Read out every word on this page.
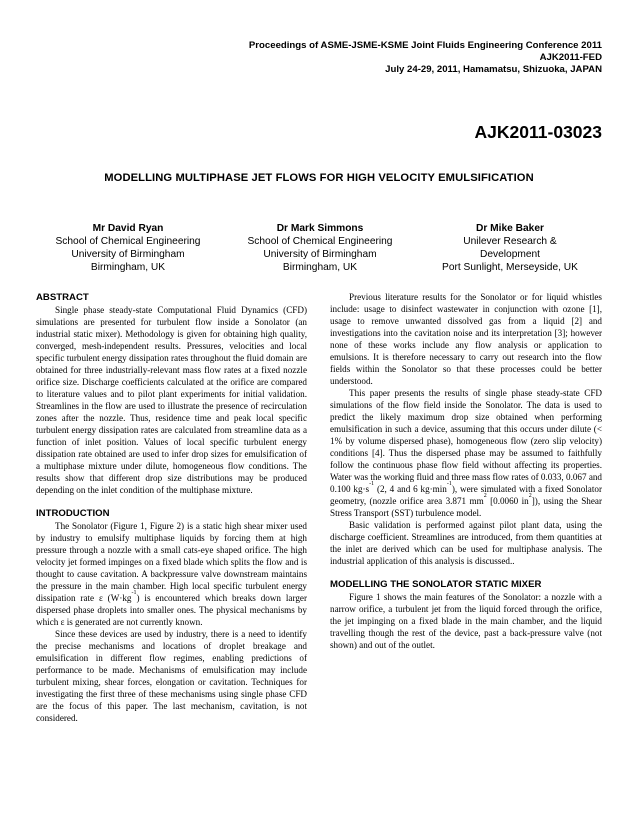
Proceedings of ASME-JSME-KSME Joint Fluids Engineering Conference 2011
AJK2011-FED
July 24-29, 2011, Hamamatsu, Shizuoka, JAPAN
AJK2011-03023
MODELLING MULTIPHASE JET FLOWS FOR HIGH VELOCITY EMULSIFICATION
Mr David Ryan
School of Chemical Engineering
University of Birmingham
Birmingham, UK
Dr Mark Simmons
School of Chemical Engineering
University of Birmingham
Birmingham, UK
Dr Mike Baker
Unilever Research &
Development
Port Sunlight, Merseyside, UK
ABSTRACT

Single phase steady-state Computational Fluid Dynamics (CFD) simulations are presented for turbulent flow inside a Sonolator (an industrial static mixer). Methodology is given for obtaining high quality, converged, mesh-independent results. Pressures, velocities and local specific turbulent energy dissipation rates throughout the fluid domain are obtained for three industrially-relevant mass flow rates at a fixed nozzle orifice size. Discharge coefficients calculated at the orifice are compared to literature values and to pilot plant experiments for initial validation. Streamlines in the flow are used to illustrate the presence of recirculation zones after the nozzle. Thus, residence time and peak local specific turbulent energy dissipation rates are calculated from streamline data as a function of inlet position. Values of local specific turbulent energy dissipation rate obtained are used to infer drop sizes for emulsification of a multiphase mixture under dilute, homogeneous flow conditions. The results show that different drop size distributions may be produced depending on the inlet condition of the multiphase mixture.

INTRODUCTION

The Sonolator (Figure 1, Figure 2) is a static high shear mixer used by industry to emulsify multiphase liquids by forcing them at high pressure through a nozzle with a small cats-eye shaped orifice. The high velocity jet formed impinges on a fixed blade which splits the flow and is thought to cause cavitation. A backpressure valve downstream maintains the pressure in the main chamber. High local specific turbulent energy dissipation rate ε $(W\cdot kg^{-1})$ is encountered which breaks down larger dispersed phase droplets into smaller ones. The physical mechanisms by which ε is generated are not currently known.

Since these devices are used by industry, there is a need to identify the precise mechanisms and locations of droplet breakage and emulsification in different flow regimes, enabling predictions of performance to be made. Mechanisms of emulsification may include turbulent mixing, shear forces, elongation or cavitation. Techniques for investigating the first three of these mechanisms using single phase CFD are the focus of this paper. The last mechanism, cavitation, is not considered.

Previous literature results for the Sonolator or for liquid whistles include: usage to disinfect wastewater in conjunction with ozone [1], usage to remove unwanted dissolved gas from a liquid [2] and investigations into the cavitation noise and its interpretation [3]; however none of these works include any flow analysis or application to emulsions. It is therefore necessary to carry out research into the flow fields within the Sonolator so that these processes could be better understood.

This paper presents the results of single phase steady-state CFD simulations of the flow field inside the Sonolator. The data is used to predict the likely maximum drop size obtained when performing emulsification in such a device, assuming that this occurs under dilute (< 1% by volume dispersed phase), homogeneous flow (zero slip velocity) conditions [4]. Thus the dispersed phase may be assumed to faithfully follow the continuous phase flow field without affecting its properties. Water was the working fluid and three mass flow rates of 0.033, 0.067 and 0.100 $kg\cdot s^{-1}$ (2, 4 and 6 $kg\cdot\min^{-1}$), were simulated with a fixed Sonolator geometry, (nozzle orifice area 3.871 $mm^2$ [0.0060 $in^2$]), using the Shear Stress Transport (SST) turbulence model.

Basic validation is performed against pilot plant data, using the discharge coefficient. Streamlines are introduced, from them quantities at the inlet are derived which can be used for multiphase analysis. The industrial application of this analysis is discussed..

MODELLING THE SONOLATOR STATIC MIXER

Figure 1 shows the main features of the Sonolator: a nozzle with a narrow orifice, a turbulent jet from the liquid forced through the orifice, the jet impinging on a fixed blade in the main chamber, and the liquid travelling though the rest of the device, past a back-pressure valve (not shown) and out of the outlet.
